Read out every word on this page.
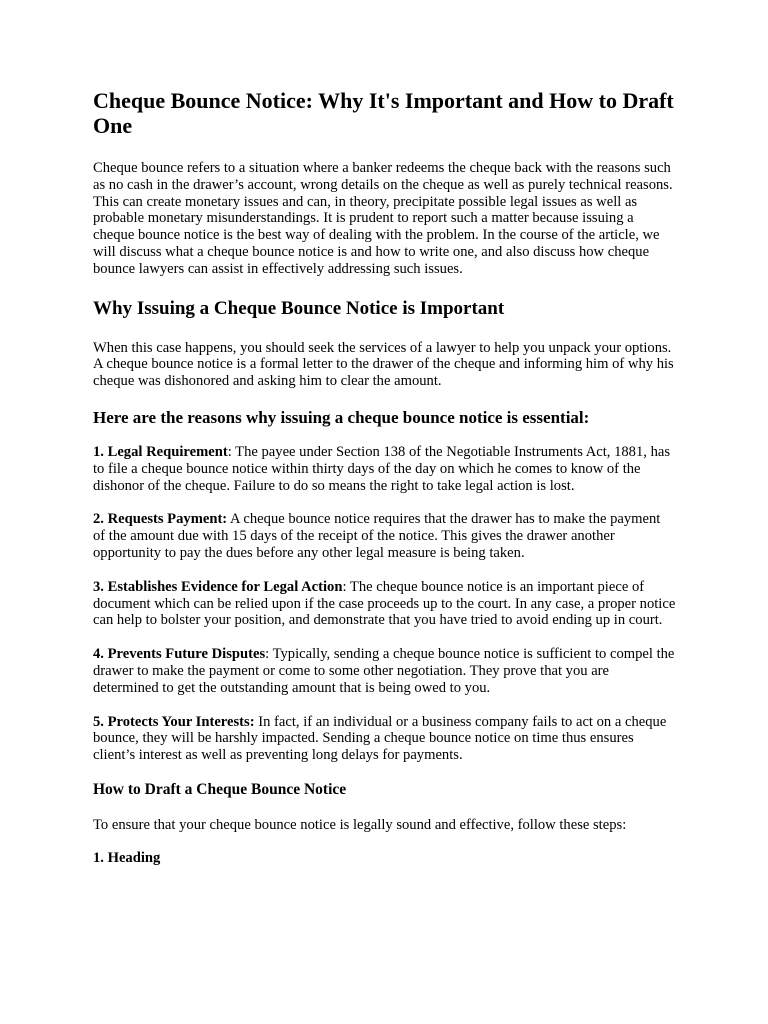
Cheque Bounce Notice: Why It's Important and How to Draft One

Cheque bounce refers to a situation where a banker redeems the cheque back with the reasons such as no cash in the drawer’s account, wrong details on the cheque as well as purely technical reasons. This can create monetary issues and can, in theory, precipitate possible legal issues as well as probable monetary misunderstandings. It is prudent to report such a matter because issuing a cheque bounce notice is the best way of dealing with the problem. In the course of the article, we will discuss what a cheque bounce notice is and how to write one, and also discuss how cheque bounce lawyers can assist in effectively addressing such issues.

Why Issuing a Cheque Bounce Notice is Important

When this case happens, you should seek the services of a lawyer to help you unpack your options. A cheque bounce notice is a formal letter to the drawer of the cheque and informing him of why his cheque was dishonored and asking him to clear the amount.

Here are the reasons why issuing a cheque bounce notice is essential:

1. Legal Requirement: The payee under Section 138 of the Negotiable Instruments Act, 1881, has to file a cheque bounce notice within thirty days of the day on which he comes to know of the dishonor of the cheque. Failure to do so means the right to take legal action is lost.

2. Requests Payment: A cheque bounce notice requires that the drawer has to make the payment of the amount due with 15 days of the receipt of the notice. This gives the drawer another opportunity to pay the dues before any other legal measure is being taken.

3. Establishes Evidence for Legal Action: The cheque bounce notice is an important piece of document which can be relied upon if the case proceeds up to the court. In any case, a proper notice can help to bolster your position, and demonstrate that you have tried to avoid ending up in court.

4. Prevents Future Disputes: Typically, sending a cheque bounce notice is sufficient to compel the drawer to make the payment or come to some other negotiation. They prove that you are determined to get the outstanding amount that is being owed to you.

5. Protects Your Interests: In fact, if an individual or a business company fails to act on a cheque bounce, they will be harshly impacted. Sending a cheque bounce notice on time thus ensures client’s interest as well as preventing long delays for payments.

How to Draft a Cheque Bounce Notice

To ensure that your cheque bounce notice is legally sound and effective, follow these steps:

1. Heading
